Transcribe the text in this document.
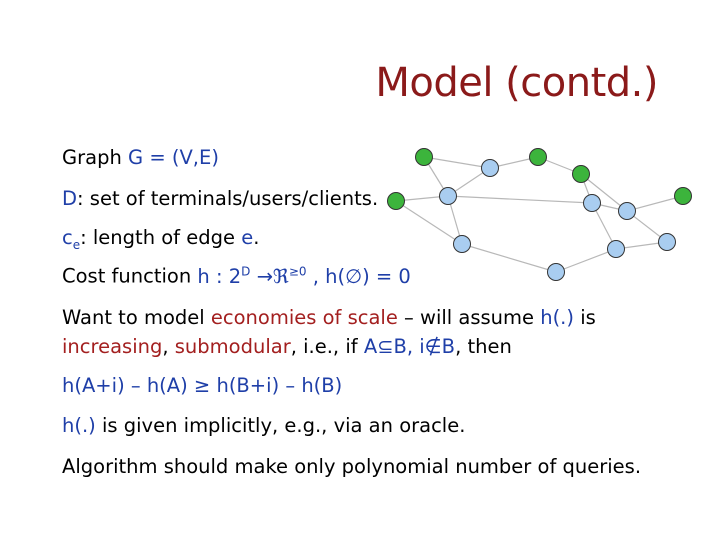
Model (contd.)
Graph G = (V,E)
D: set of terminals/users/clients.
$c_e$: length of edge e.
Cost function h : $2^D$ →ℜ$^{\ge 0}$ , h(∅) = 0
Want to model economies of scale – will assume h(.) is
increasing, submodular, i.e., if A⊆B, i∉B, then
h(A+i) – h(A) ≥ h(B+i) – h(B)
h(.) is given implicitly, e.g., via an oracle.
Algorithm should make only polynomial number of queries.
